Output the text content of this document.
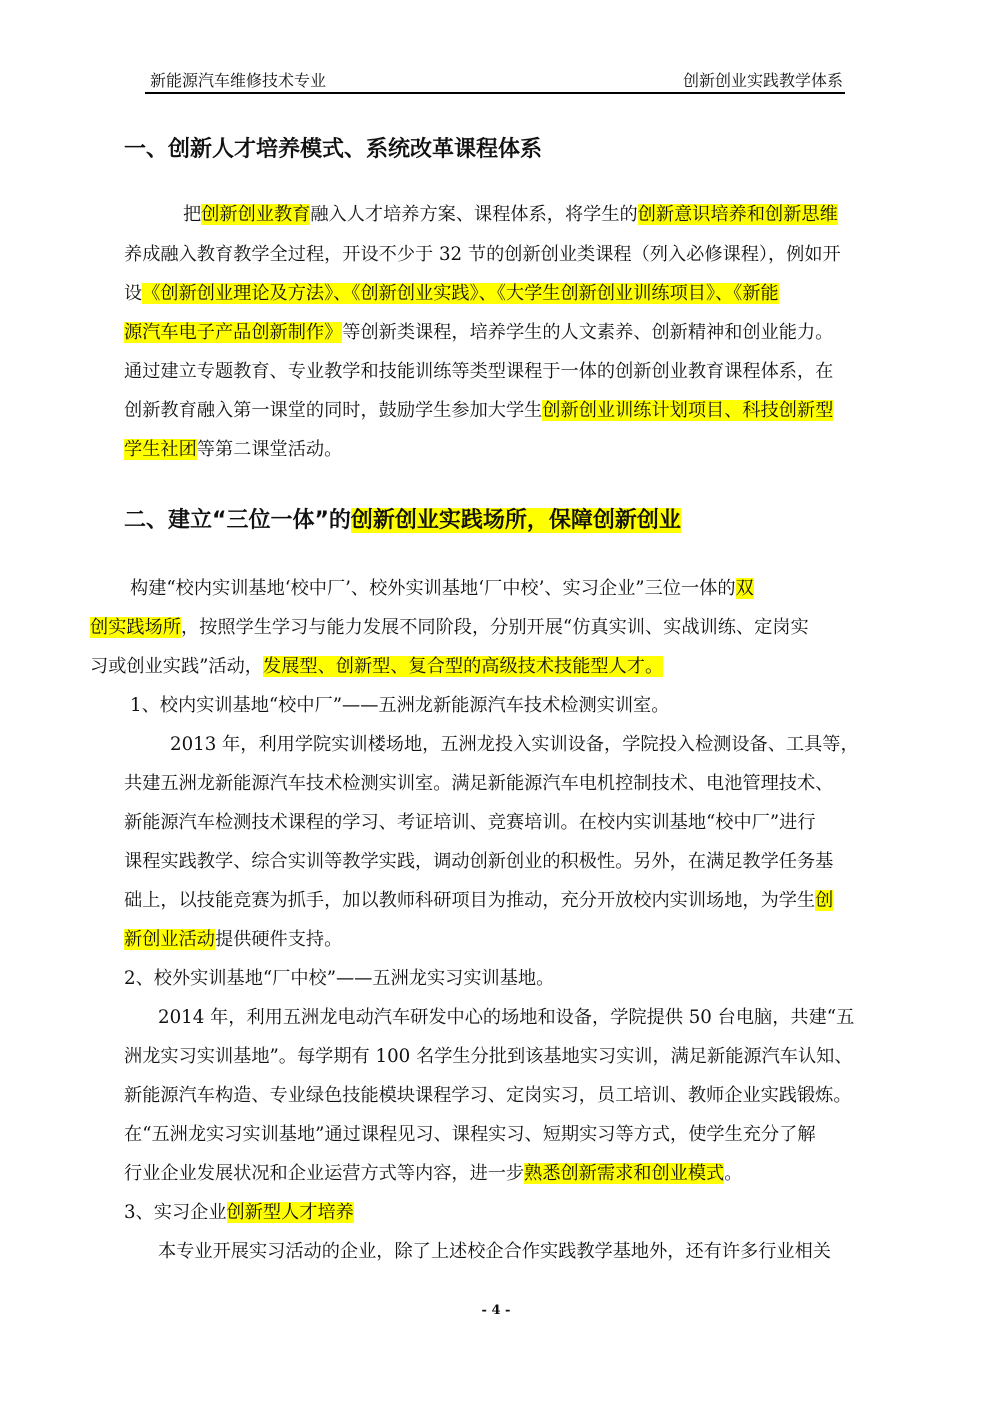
新能源汽车维修技术专业	创新创业实践教学体系
一、创新人才培养模式、系统改革课程体系
把创新创业教育融入人才培养方案、课程体系，将学生的创新意识培养和创新思维
养成融入教育教学全过程，开设不少于 32 节的创新创业类课程（列入必修课程），例如开
设《创新创业理论及方法》、《创新创业实践》、《大学生创新创业训练项目》、《新能
源汽车电子产品创新制作》等创新类课程，培养学生的人文素养、创新精神和创业能力。
通过建立专题教育、专业教学和技能训练等类型课程于一体的创新创业教育课程体系，在
创新教育融入第一课堂的同时，鼓励学生参加大学生创新创业训练计划项目、科技创新型
学生社团等第二课堂活动。
二、建立“三位一体”的创新创业实践场所，保障创新创业
构建“校内实训基地‘校中厂’、校外实训基地‘厂中校’、实习企业”三位一体的双
创实践场所，按照学生学习与能力发展不同阶段，分别开展“仿真实训、实战训练、定岗实
习或创业实践”活动，发展型、创新型、复合型的高级技术技能型人才。
1、校内实训基地“校中厂”——五洲龙新能源汽车技术检测实训室。
2013 年，利用学院实训楼场地，五洲龙投入实训设备，学院投入检测设备、工具等，
共建五洲龙新能源汽车技术检测实训室。满足新能源汽车电机控制技术、电池管理技术、
新能源汽车检测技术课程的学习、考证培训、竞赛培训。在校内实训基地“校中厂”进行
课程实践教学、综合实训等教学实践，调动创新创业的积极性。另外，在满足教学任务基
础上，以技能竞赛为抓手，加以教师科研项目为推动，充分开放校内实训场地，为学生创
新创业活动提供硬件支持。
2、校外实训基地“厂中校”——五洲龙实习实训基地。
2014 年，利用五洲龙电动汽车研发中心的场地和设备，学院提供 50 台电脑，共建“五
洲龙实习实训基地”。每学期有 100 名学生分批到该基地实习实训，满足新能源汽车认知、
新能源汽车构造、专业绿色技能模块课程学习、定岗实习，员工培训、教师企业实践锻炼。
在“五洲龙实习实训基地”通过课程见习、课程实习、短期实习等方式，使学生充分了解
行业企业发展状况和企业运营方式等内容，进一步熟悉创新需求和创业模式。
3、实习企业创新型人才培养
本专业开展实习活动的企业，除了上述校企合作实践教学基地外，还有许多行业相关
- 4 -
